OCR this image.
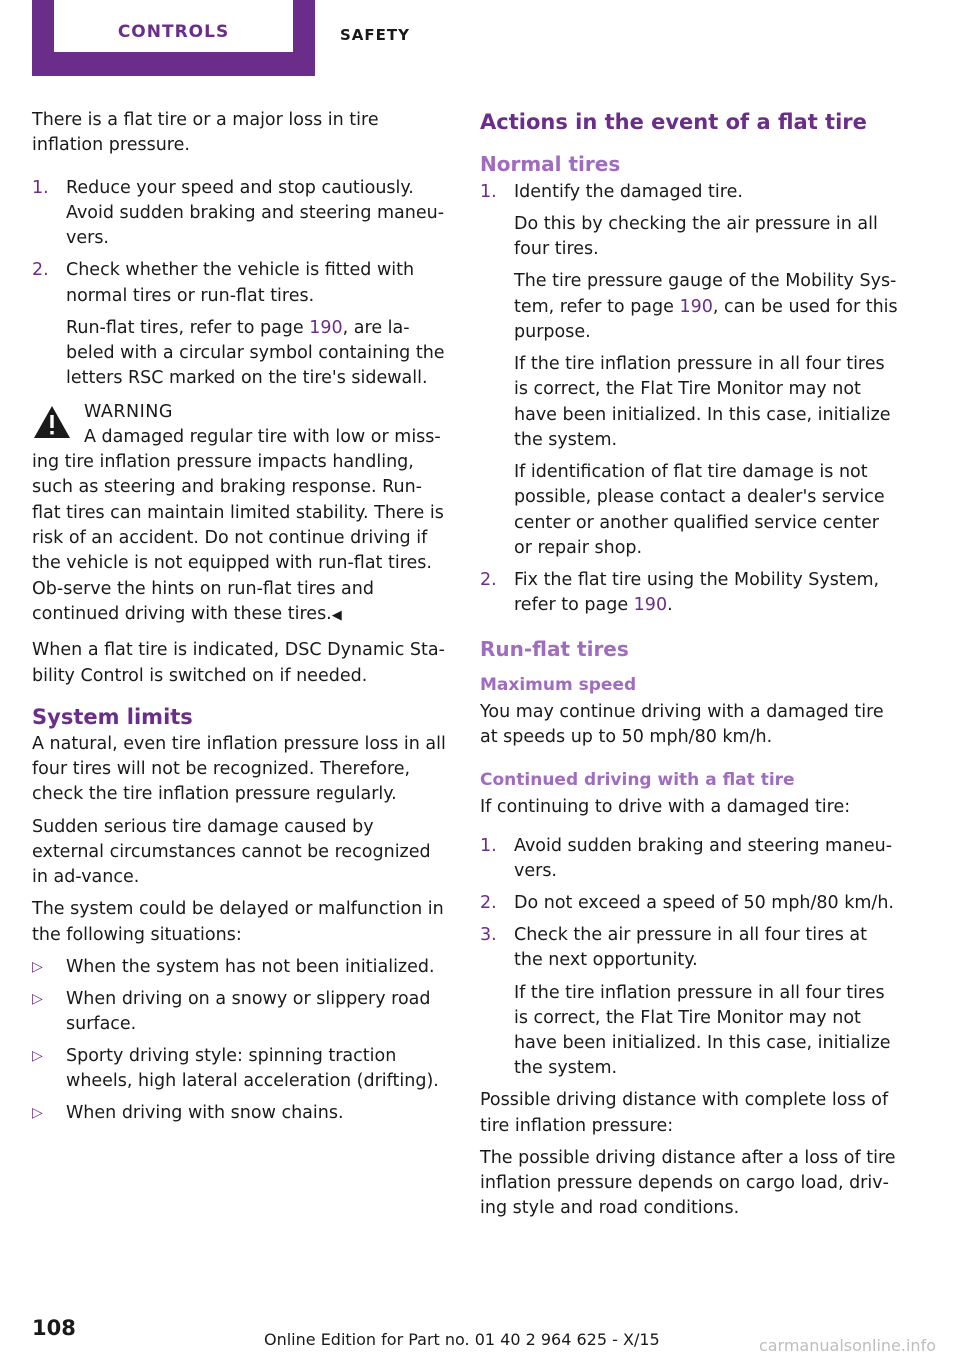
CONTROLS	SAFETY

There is a flat tire or a major loss in tire inflation pressure.

1. Reduce your speed and stop cautiously. Avoid sudden braking and steering maneu‐vers.
2. Check whether the vehicle is fitted with normal tires or run-flat tires.
Run-flat tires, refer to page 190, are la‐beled with a circular symbol containing the letters RSC marked on the tire's sidewall.
WARNING
A damaged regular tire with low or miss‐
ing tire inflation pressure impacts handling, such as steering and braking response. Run-flat tires can maintain limited stability. There is risk of an accident. Do not continue driving if the vehicle is not equipped with run-flat tires. Ob‐serve the hints on run-flat tires and continued driving with these tires.◀

When a flat tire is indicated, DSC Dynamic Sta‐bility Control is switched on if needed.

System limits

A natural, even tire inflation pressure loss in all four tires will not be recognized. Therefore, check the tire inflation pressure regularly.

Sudden serious tire damage caused by external circumstances cannot be recognized in ad‐vance.

The system could be delayed or malfunction in the following situations:

▷ When the system has not been initialized.
▷ When driving on a snowy or slippery road surface.
▷ Sporty driving style: spinning traction wheels, high lateral acceleration (drifting).
▷ When driving with snow chains.
Actions in the event of a flat tire
Normal tires
1. Identify the damaged tire.
Do this by checking the air pressure in all four tires.
The tire pressure gauge of the Mobility Sys‐tem, refer to page 190, can be used for this purpose.
If the tire inflation pressure in all four tires is correct, the Flat Tire Monitor may not have been initialized. In this case, initialize the system.
If identification of flat tire damage is not possible, please contact a dealer's service center or another qualified service center or repair shop.
2. Fix the flat tire using the Mobility System, refer to page 190.
Run-flat tires
Maximum speed

You may continue driving with a damaged tire at speeds up to 50 mph/80 km/h.

Continued driving with a flat tire

If continuing to drive with a damaged tire:

1. Avoid sudden braking and steering maneu‐vers.
2. Do not exceed a speed of 50 mph/80 km/h.
3. Check the air pressure in all four tires at the next opportunity.
If the tire inflation pressure in all four tires is correct, the Flat Tire Monitor may not have been initialized. In this case, initialize the system.

Possible driving distance with complete loss of tire inflation pressure:

The possible driving distance after a loss of tire inflation pressure depends on cargo load, driv‐ing style and road conditions.

108	Online Edition for Part no. 01 40 2 964 625 - X/15	carmanualsonline.info
